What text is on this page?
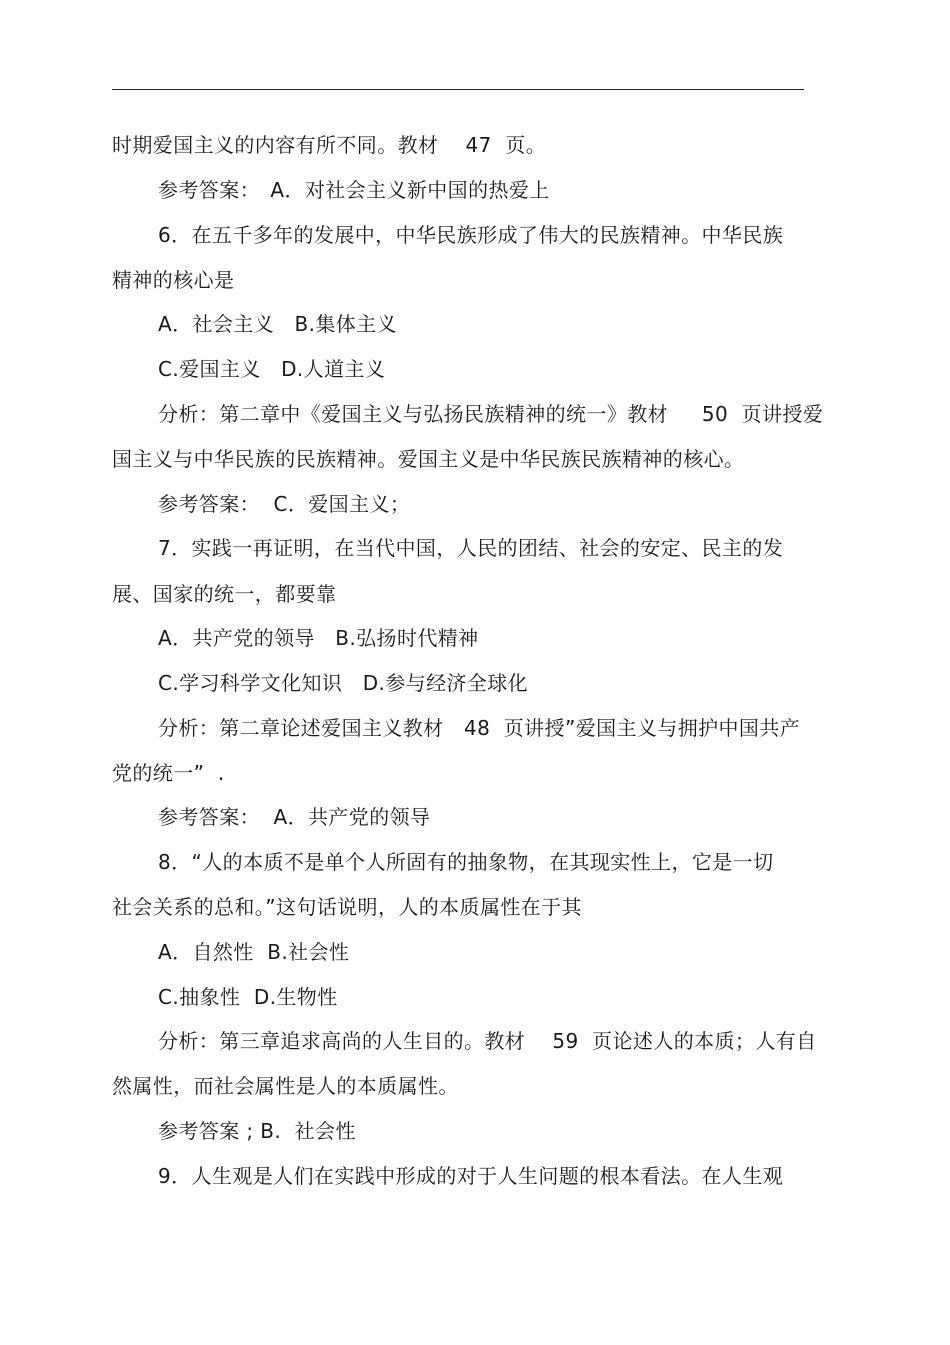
时期爱国主义的内容有所不同。教材　 47  页。
参考答案：　A．对社会主义新中国的热爱上
6．在五千多年的发展中，中华民族形成了伟大的民族精神。中华民族
精神的核心是
A．社会主义　B.集体主义
C.爱国主义　D.人道主义
分析：第二章中《爱国主义与弘扬民族精神的统一》教材　  50  页讲授爱
国主义与中华民族的民族精神。爱国主义是中华民族民族精神的核心。
参考答案：  C．爱国主义；
7．实践一再证明，在当代中国，人民的团结、社会的安定、民主的发
展、国家的统一，都要靠
A．共产党的领导　B.弘扬时代精神
C.学习科学文化知识　D.参与经济全球化
分析：第二章论述爱国主义教材　48  页讲授”爱国主义与拥护中国共产
党的统一”  .
参考答案：  A．共产党的领导
8．“人的本质不是单个人所固有的抽象物，在其现实性上，它是一切
社会关系的总和。”这句话说明，人的本质属性在于其
A．自然性  B.社会性
C.抽象性  D.生物性
分析：第三章追求高尚的人生目的。教材　 59  页论述人的本质；人有自
然属性，而社会属性是人的本质属性。
参考答案 ; B.  社会性
9．人生观是人们在实践中形成的对于人生问题的根本看法。在人生观
